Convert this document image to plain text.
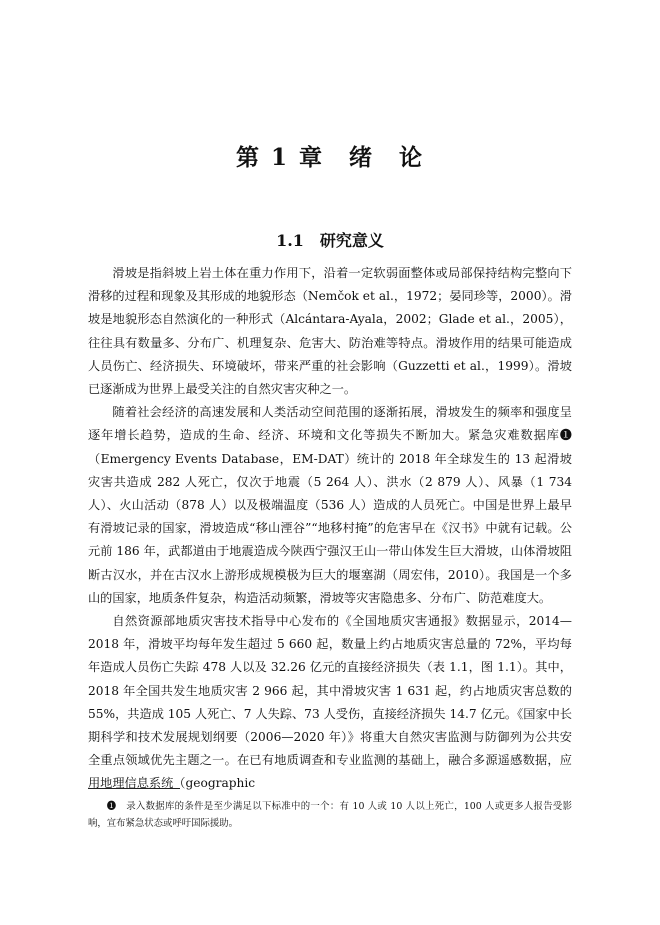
第 1 章　绪　论
1.1 研究意义

滑坡是指斜坡上岩土体在重力作用下，沿着一定软弱面整体或局部保持结构完整向下滑移的过程和现象及其形成的地貌形态（Nemčok et al.，1972；晏同珍等，2000）。滑坡是地貌形态自然演化的一种形式（Alcántara-Ayala，2002；Glade et al.，2005），往往具有数量多、分布广、机理复杂、危害大、防治难等特点。滑坡作用的结果可能造成人员伤亡、经济损失、环境破坏，带来严重的社会影响（Guzzetti et al.，1999）。滑坡已逐渐成为世界上最受关注的自然灾害灾种之一。

随着社会经济的高速发展和人类活动空间范围的逐渐拓展，滑坡发生的频率和强度呈逐年增长趋势，造成的生命、经济、环境和文化等损失不断加大。紧急灾难数据库❶（Emergency Events Database，EM-DAT）统计的 2018 年全球发生的 13 起滑坡灾害共造成 282 人死亡，仅次于地震（5 264 人）、洪水（2 879 人）、风暴（1 734 人）、火山活动（878 人）以及极端温度（536 人）造成的人员死亡。中国是世界上最早有滑坡记录的国家，滑坡造成“移山湮谷”“地移村掩”的危害早在《汉书》中就有记载。公元前 186 年，武都道由于地震造成今陕西宁强汉王山一带山体发生巨大滑坡，山体滑坡阻断古汉水，并在古汉水上游形成规模极为巨大的堰塞湖（周宏伟，2010）。我国是一个多山的国家，地质条件复杂，构造活动频繁，滑坡等灾害隐患多、分布广、防范难度大。

自然资源部地质灾害技术指导中心发布的《全国地质灾害通报》数据显示，2014—2018 年，滑坡平均每年发生超过 5 660 起，数量上约占地质灾害总量的 72%，平均每年造成人员伤亡失踪 478 人以及 32.26 亿元的直接经济损失（表 1.1，图 1.1）。其中，2018 年全国共发生地质灾害 2 966 起，其中滑坡灾害 1 631 起，约占地质灾害总数的 55%，共造成 105 人死亡、7 人失踪、73 人受伤，直接经济损失 14.7 亿元。《国家中长期科学和技术发展规划纲要（2006—2020 年）》将重大自然灾害监测与防御列为公共安全重点领域优先主题之一。在已有地质调查和专业监测的基础上，融合多源遥感数据，应用地理信息系统（geographic

❶　录入数据库的条件是至少满足以下标准中的一个：有 10 人或 10 人以上死亡，100 人或更多人报告受影响，宣布紧急状态或呼吁国际援助。
